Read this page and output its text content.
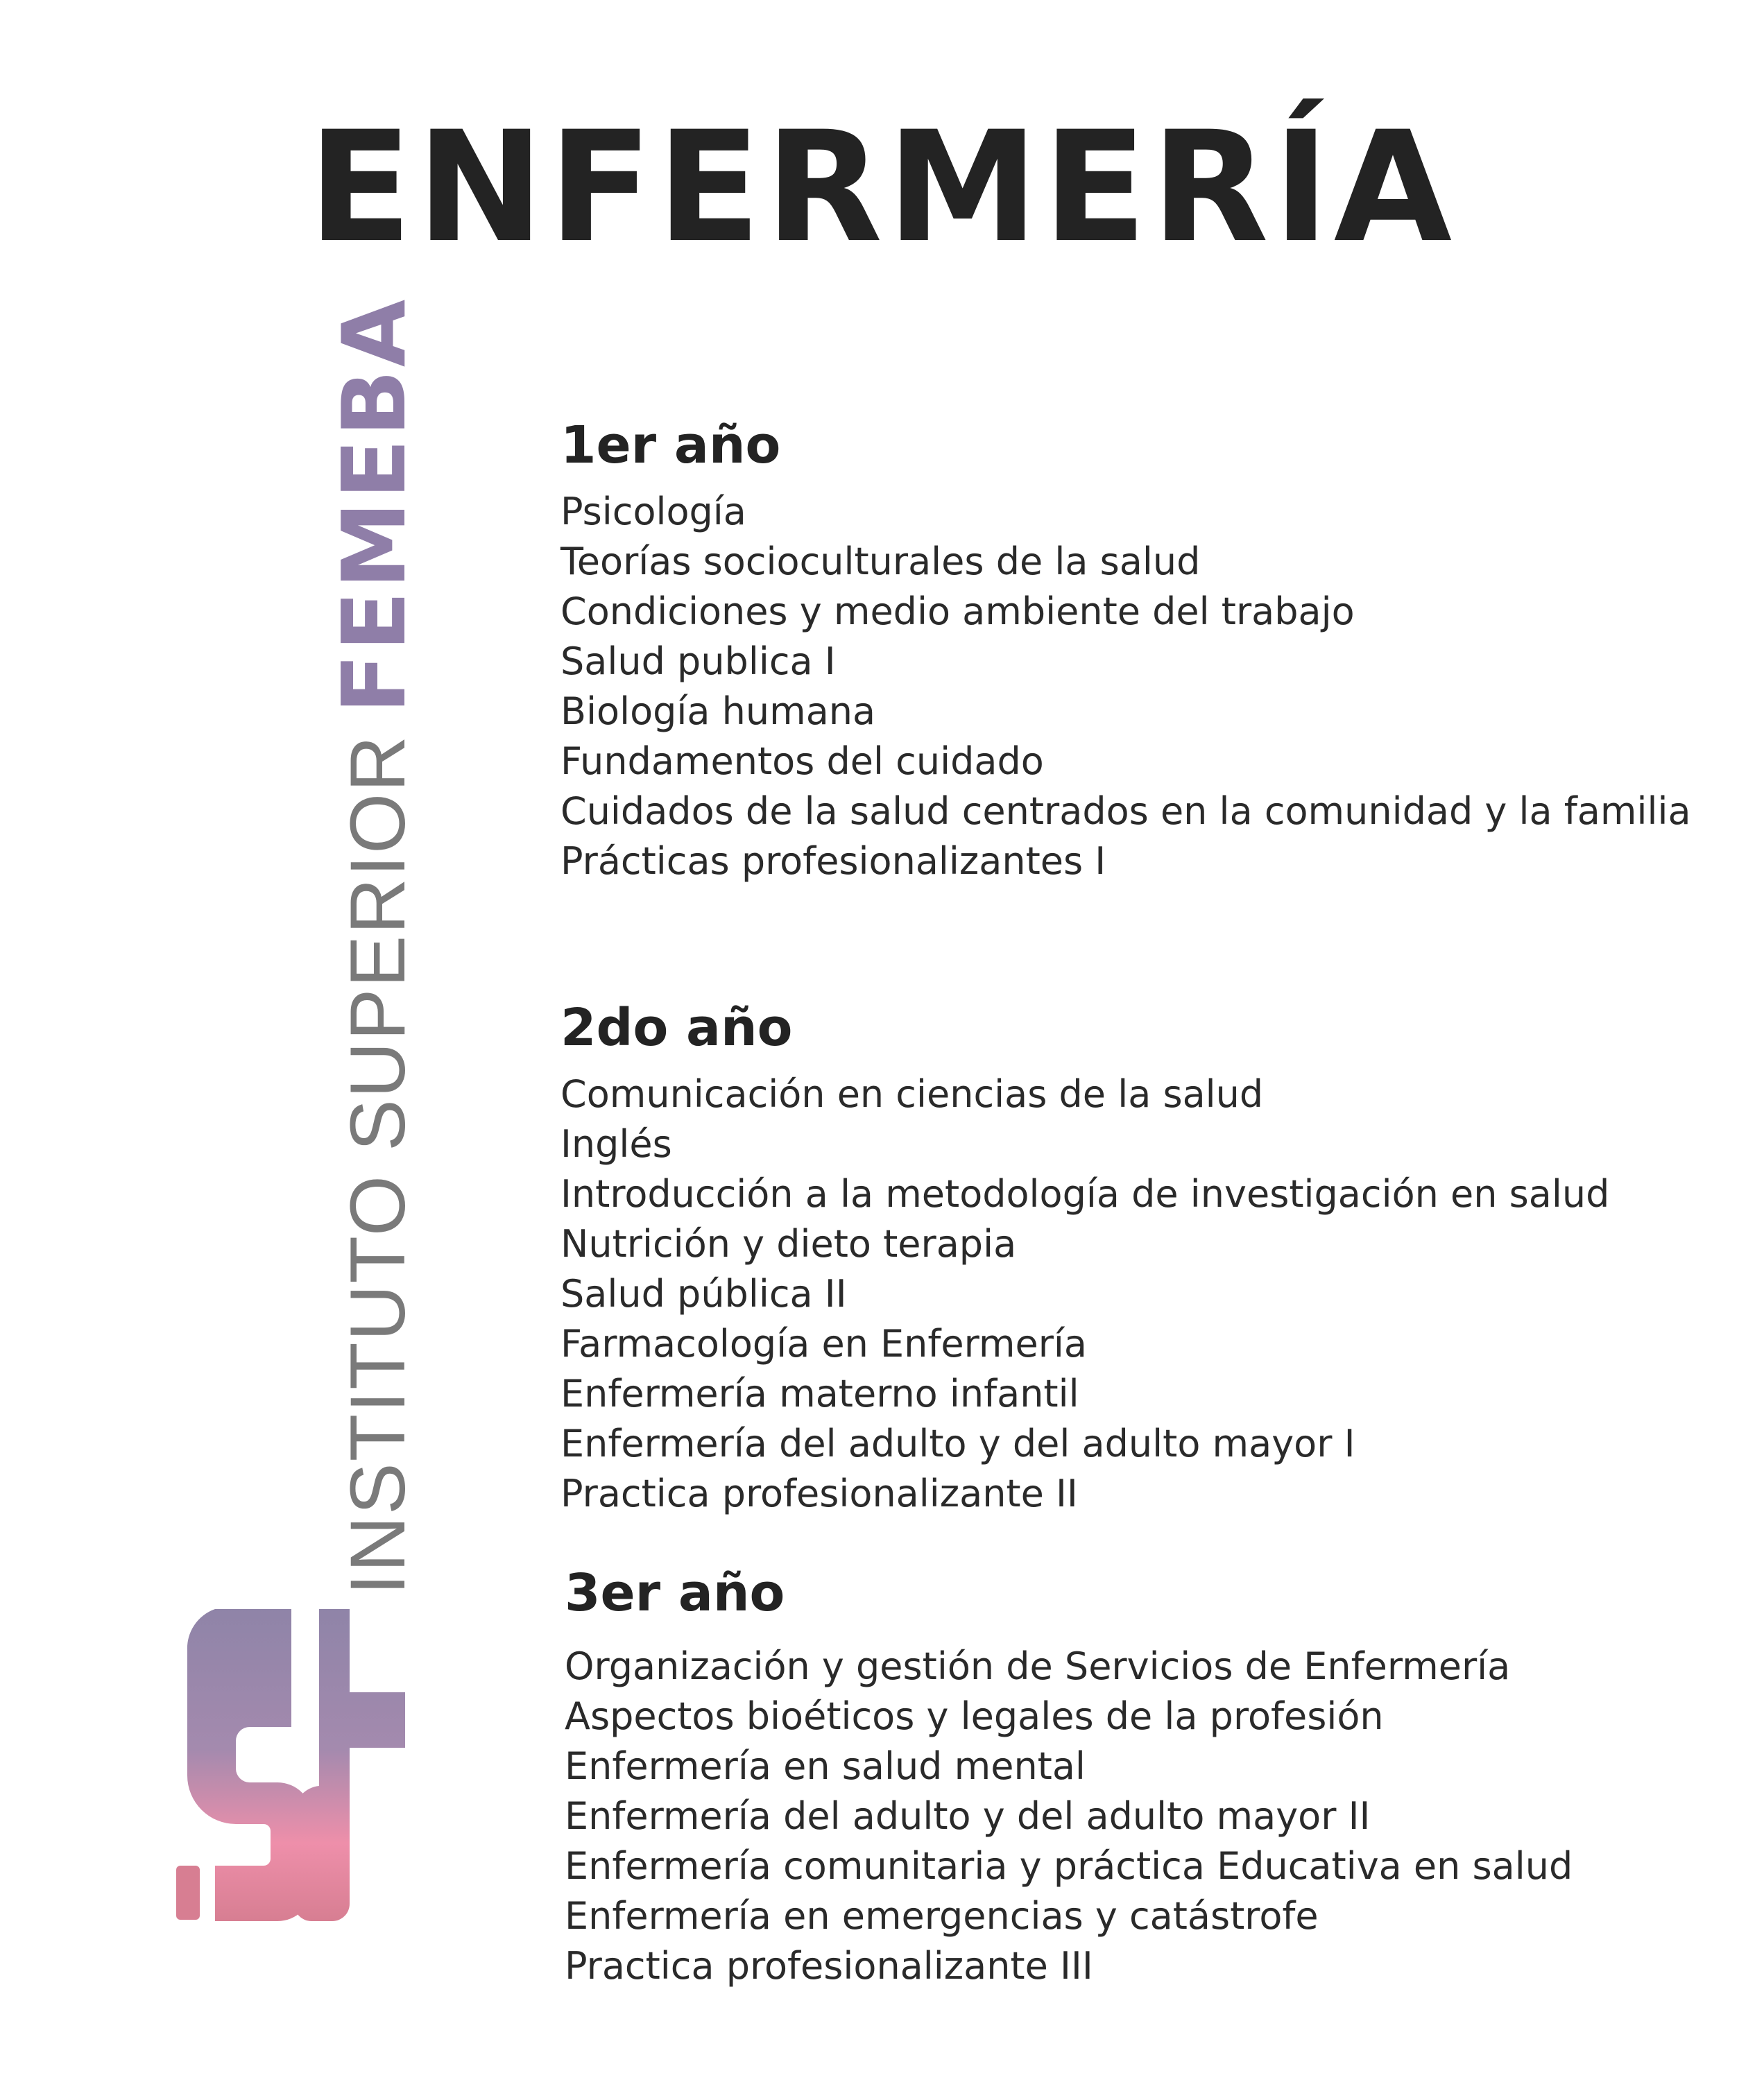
ENFERMERÍA
INSTITUTO SUPERIORFEMEBA	1er año
Psicología
Teorías socioculturales de la salud
Condiciones y medio ambiente del trabajo
Salud publica I
Biología humana
Fundamentos del cuidado
Cuidados de la salud centrados en la comunidad y la familia
Prácticas profesionalizantes I
2do año
Comunicación en ciencias de la salud
Inglés
Introducción a la metodología de investigación en salud
Nutrición y dieto terapia
Salud pública II
Farmacología en Enfermería
Enfermería materno infantil
Enfermería del adulto y del adulto mayor I
Practica profesionalizante II
3er año
Organización y gestión de Servicios de Enfermería
Aspectos bioéticos y legales de la profesión
Enfermería en salud mental
Enfermería del adulto y del adulto mayor II
Enfermería comunitaria y práctica Educativa en salud
Enfermería en emergencias y catástrofe
Practica profesionalizante III
